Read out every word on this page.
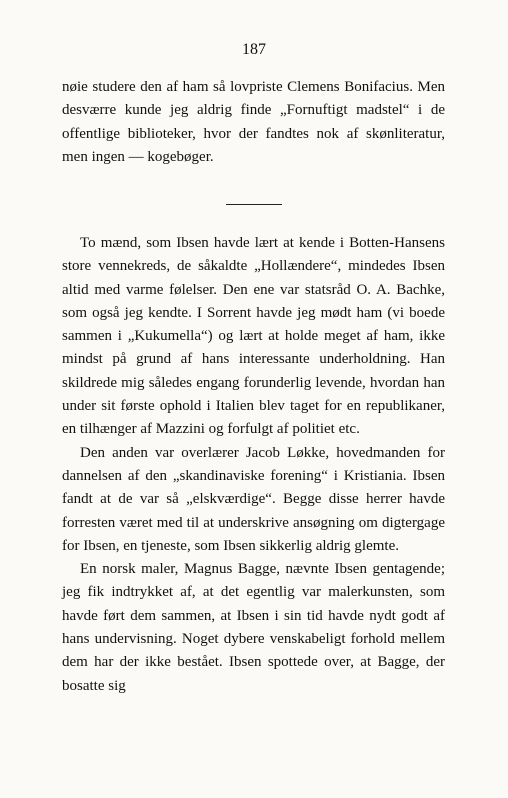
187

nøie studere den af ham så lovpriste Clemens Bonifacius. Men desværre kunde jeg aldrig finde „Fornuftigt madstel“ i de offentlige biblioteker, hvor der fandtes nok af skønliteratur, men ingen — kogebøger.

To mænd, som Ibsen havde lært at kende i Botten-Hansens store vennekreds, de såkaldte „Hollændere“, mindedes Ibsen altid med varme følelser. Den ene var statsråd O. A. Bachke, som også jeg kendte. I Sorrent havde jeg mødt ham (vi boede sammen i „Kukumella“) og lært at holde meget af ham, ikke mindst på grund af hans interessante underholdning. Han skildrede mig således engang forunderlig levende, hvordan han under sit første ophold i Italien blev taget for en republikaner, en tilhænger af Mazzini og forfulgt af politiet etc.

Den anden var overlærer Jacob Løkke, hovedmanden for dannelsen af den „skandinaviske forening“ i Kristiania. Ibsen fandt at de var så „elskværdige“. Begge disse herrer havde forresten været med til at underskrive ansøgning om digtergage for Ibsen, en tjeneste, som Ibsen sikkerlig aldrig glemte.

En norsk maler, Magnus Bagge, nævnte Ibsen gentagende; jeg fik indtrykket af, at det egentlig var malerkunsten, som havde ført dem sammen, at Ibsen i sin tid havde nydt godt af hans undervisning. Noget dybere venskabeligt forhold mellem dem har der ikke bestået. Ibsen spottede over, at Bagge, der bosatte sig
